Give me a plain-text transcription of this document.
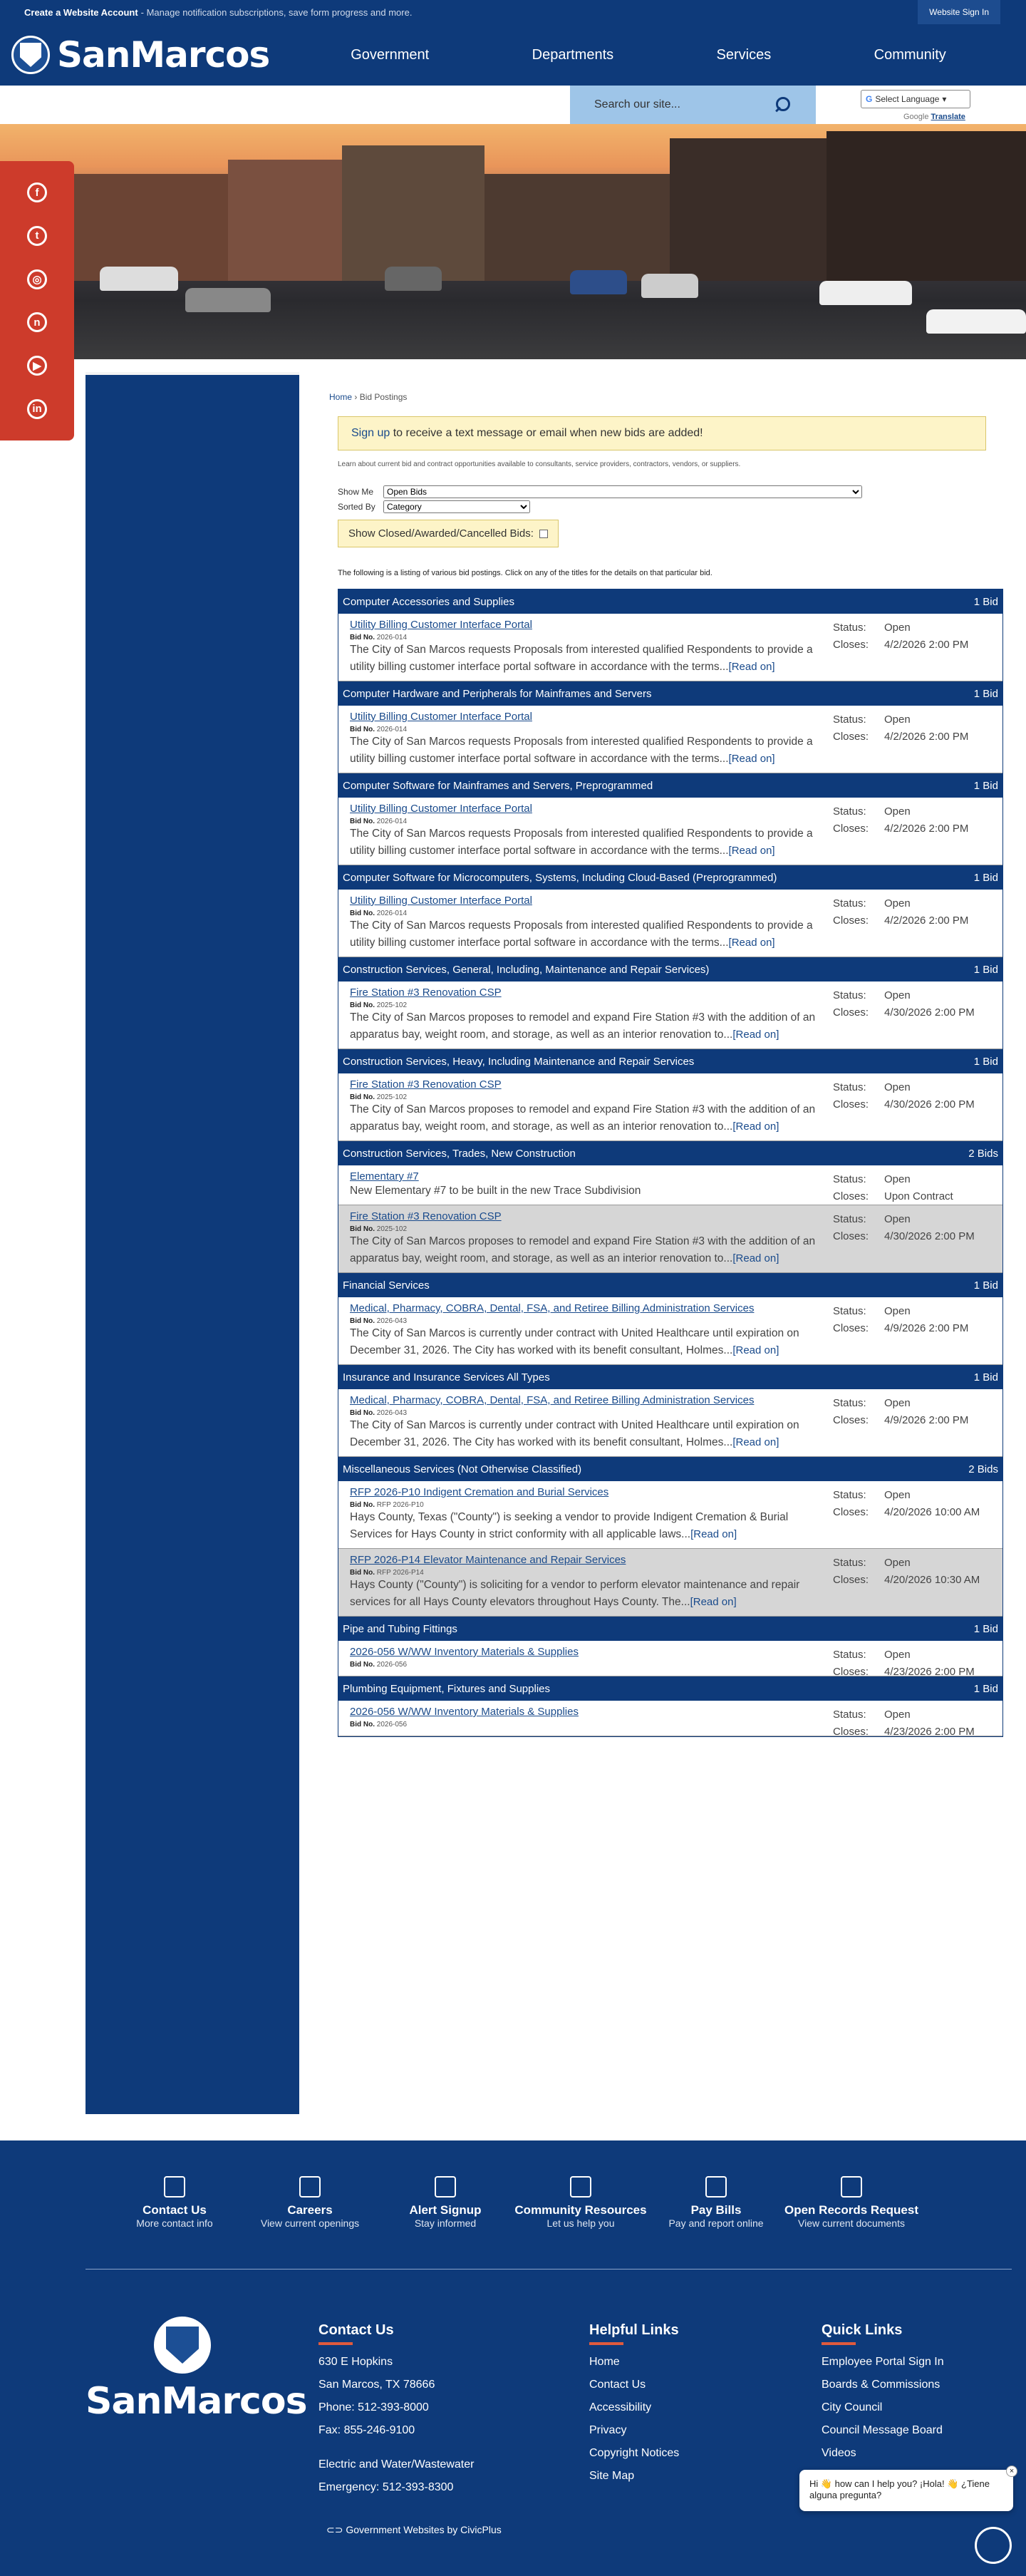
Create a Website Account - Manage notification subscriptions, save form progress and more.	Website Sign In
SanMarcos	Government	Departments	Services	Community
Search our site...
G Select Language ▾
Google Translate
f
t
◎
n
▶
in
Home › Bid Postings
Sign up to receive a text message or email when new bids are added!
Learn about current bid and contract opportunities available to consultants, service providers, contractors, vendors, or suppliers.
Show Me
Open Bids
Sorted By
Category
Show Closed/Awarded/Cancelled Bids:
The following is a listing of various bid postings. Click on any of the titles for the details on that particular bid.
Computer Accessories and Supplies	1 Bid
Utility Billing Customer Interface Portal
Bid No. 2026-014
The City of San Marcos requests Proposals from interested qualified Respondents to provide a utility billing customer interface portal software in accordance with the terms...[Read on]
Status: Open
Closes: 4/2/2026 2:00 PM
Computer Hardware and Peripherals for Mainframes and Servers	1 Bid
Utility Billing Customer Interface Portal
Bid No. 2026-014
The City of San Marcos requests Proposals from interested qualified Respondents to provide a utility billing customer interface portal software in accordance with the terms...[Read on]
Status: Open
Closes: 4/2/2026 2:00 PM
Computer Software for Mainframes and Servers, Preprogrammed	1 Bid
Utility Billing Customer Interface Portal
Bid No. 2026-014
The City of San Marcos requests Proposals from interested qualified Respondents to provide a utility billing customer interface portal software in accordance with the terms...[Read on]
Status: Open
Closes: 4/2/2026 2:00 PM
Computer Software for Microcomputers, Systems, Including Cloud-Based (Preprogrammed)	1 Bid
Utility Billing Customer Interface Portal
Bid No. 2026-014
The City of San Marcos requests Proposals from interested qualified Respondents to provide a utility billing customer interface portal software in accordance with the terms...[Read on]
Status: Open
Closes: 4/2/2026 2:00 PM
Construction Services, General, Including, Maintenance and Repair Services)	1 Bid
Fire Station #3 Renovation CSP
Bid No. 2025-102
The City of San Marcos proposes to remodel and expand Fire Station #3 with the addition of an apparatus bay, weight room, and storage, as well as an interior renovation to...[Read on]
Status: Open
Closes: 4/30/2026 2:00 PM
Construction Services, Heavy, Including Maintenance and Repair Services	1 Bid
Fire Station #3 Renovation CSP
Bid No. 2025-102
The City of San Marcos proposes to remodel and expand Fire Station #3 with the addition of an apparatus bay, weight room, and storage, as well as an interior renovation to...[Read on]
Status: Open
Closes: 4/30/2026 2:00 PM
Construction Services, Trades, New Construction	2 Bids
Elementary #7
New Elementary #7 to be built in the new Trace Subdivision
Status: Open
Closes: Upon Contract
Fire Station #3 Renovation CSP
Bid No. 2025-102
The City of San Marcos proposes to remodel and expand Fire Station #3 with the addition of an apparatus bay, weight room, and storage, as well as an interior renovation to...[Read on]
Status: Open
Closes: 4/30/2026 2:00 PM
Financial Services	1 Bid
Medical, Pharmacy, COBRA, Dental, FSA, and Retiree Billing Administration Services
Bid No. 2026-043
The City of San Marcos is currently under contract with United Healthcare until expiration on December 31, 2026. The City has worked with its benefit consultant, Holmes...[Read on]
Status: Open
Closes: 4/9/2026 2:00 PM
Insurance and Insurance Services All Types	1 Bid
Medical, Pharmacy, COBRA, Dental, FSA, and Retiree Billing Administration Services
Bid No. 2026-043
The City of San Marcos is currently under contract with United Healthcare until expiration on December 31, 2026. The City has worked with its benefit consultant, Holmes...[Read on]
Status: Open
Closes: 4/9/2026 2:00 PM
Miscellaneous Services (Not Otherwise Classified)	2 Bids
RFP 2026-P10 Indigent Cremation and Burial Services
Bid No. RFP 2026-P10
Hays County, Texas ("County") is seeking a vendor to provide Indigent Cremation & Burial Services for Hays County in strict conformity with all applicable laws...[Read on]
Status: Open
Closes: 4/20/2026 10:00 AM
RFP 2026-P14 Elevator Maintenance and Repair Services
Bid No. RFP 2026-P14
Hays County ("County") is soliciting for a vendor to perform elevator maintenance and repair services for all Hays County elevators throughout Hays County. The...[Read on]
Status: Open
Closes: 4/20/2026 10:30 AM
Pipe and Tubing Fittings	1 Bid
2026-056 W/WW Inventory Materials & Supplies
Bid No. 2026-056
Status: Open
Closes: 4/23/2026 2:00 PM
Plumbing Equipment, Fixtures and Supplies	1 Bid
2026-056 W/WW Inventory Materials & Supplies
Bid No. 2026-056
Status: Open
Closes: 4/23/2026 2:00 PM
Contact Us
More contact info
Careers
View current openings
Alert Signup
Stay informed
Community Resources
Let us help you
Pay Bills
Pay and report online
Open Records Request
View current documents
SanMarcos
Contact Us
630 E Hopkins
San Marcos, TX 78666
Phone: 512-393-8000
Fax: 855-246-9100
Electric and Water/Wastewater
Emergency: 512-393-8300
Helpful Links
Home
Contact Us
Accessibility
Privacy
Copyright Notices
Site Map
Quick Links
Employee Portal Sign In
Boards & Commissions
City Council
Council Message Board
Videos
⊂⊃ Government Websites by CivicPlus
Hi 👋 how can I help you? ¡Hola! 👋 ¿Tiene alguna pregunta?
×
